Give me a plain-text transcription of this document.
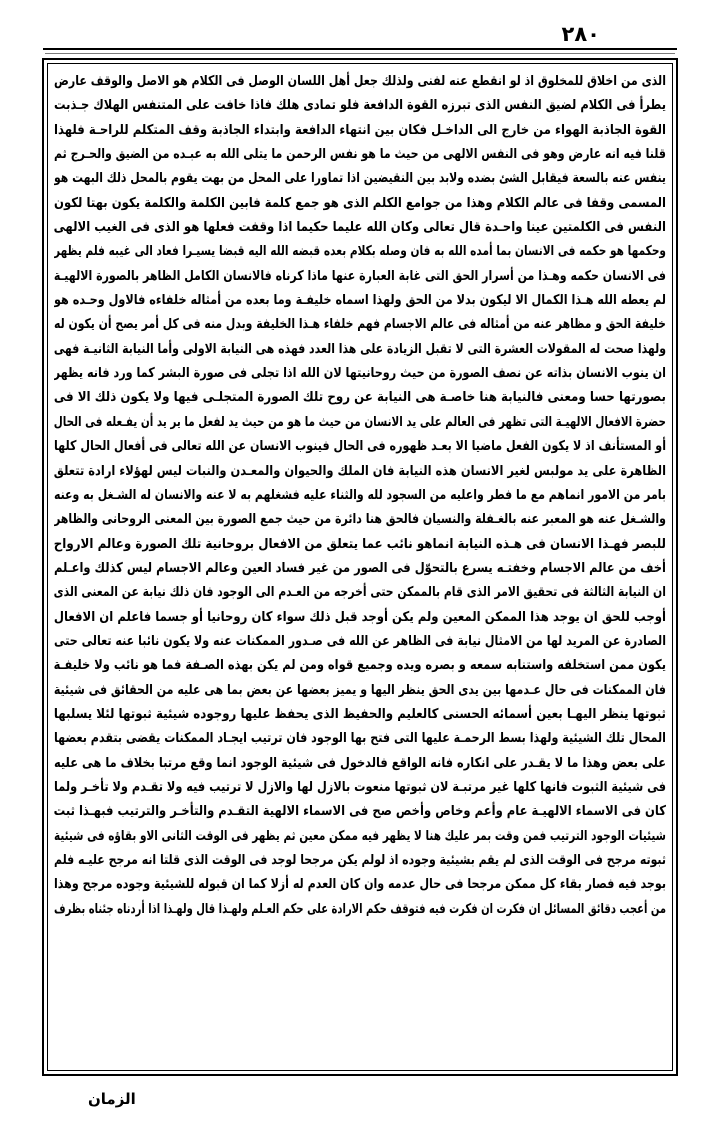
٢٨٠
الذى من اخلاق للمخلوق اذ لو انقطع عنه لفنى ولذلك جعل أهل اللسان الوصل فى الكلام هو الاصل والوقف عارض
يطرأ فى الكلام لضيق النفس الذى تبرزه القوة الدافعة فلو تمادى هلك فاذا خافت على المتنفس الهلاك جـذبت
القوة الجاذبة الهواء من خارج الى الداخـل فكان بين انتهاء الدافعة وابتداء الجاذبة وقف المتكلم للراحـة فلهذا
قلنا فيه انه عارض وهو فى النفس الالهى من حيث ما هو نفس الرحمن ما يتلى الله به عبـده من الضيق والحـرج ثم
ينفس عنه بالسعة فيقابل الشئ بضده ولابد بين النقيضين اذا تماورا على المحل من بهت يقوم بالمحل ذلك البهت هو
المسمى وقفا فى عالم الكلام وهذا من جوامع الكلم الذى هو جمع كلمة فابين الكلمة والكلمة يكون بهتا لكون
النفس فى الكلمتين عينا واحـدة قال تعالى وكان الله عليما حكيما اذا وقفت فعلها هو الذى فى الغيب الالهى
وحكمها هو حكمه فى الانسان بما أمده الله به فان وصله بكلام بعده قبضه الله اليه قبضا يسيـرا فعاد الى غيبه فلم يظهر
فى الانسان حكمه وهـذا من أسرار الحق التى غابة العبارة عنها ماذا كرناه فالانسان الكامل الظاهر بالصورة الالهيـة
لم يعطه الله هـذا الكمال الا ليكون بدلا من الحق ولهذا اسماه خليفـة وما بعده من أمثاله خلفاءه فالاول وحـده هو
خليفة الحق و مظاهر عنه من أمثاله فى عالم الاجسام فهم خلفاء هـذا الخليفة وبدل منه فى كل أمر يصح أن يكون له
ولهذا صحت له المقولات العشرة التى لا تقبل الزيادة على هذا العدد فهذه هى النيابة الاولى وأما النيابة الثانيـة فهى
ان ينوب الانسان بذاته عن نصف الصورة من حيث روحانيتها لان الله اذا تجلى فى صورة البشر كما ورد فانه يظهر
بصورتها حسا ومعنى فالنيابة هنا خاصـة هى النيابة عن روح تلك الصورة المتجلـى فيها ولا يكون ذلك الا فى
حضرة الافعال الالهيـة التى تظهر فى العالم على يد الانسان من حيث ما هو من حيث يد لفعل ما ير يد أن يفـعله فى الحال
أو المستأنف اذ لا يكون الفعل ماضيا الا بعـد ظهوره فى الحال فينوب الانسان عن الله تعالى فى أفعال الحال كلها
الظاهرة على يد مولبس لغير الانسان هذه النيابة فان الملك والحيوان والمعـدن والنبات ليس لهؤلاء ارادة تتعلق
بامر من الامور انماهم مع ما فطر واعليه من السجود لله والثناء عليه فشغلهم به لا عنه والانسان له الشـغل به وعنه
والشـغل عنه هو المعبر عنه بالغـفلة والنسيان فالحق هنا دائرة من حيث جمع الصورة بين المعنى الروحانى والظاهر
للبصر فهـذا الانسان فى هـذه النيابة انماهو نائب عما يتعلق من الافعال بروحانية تلك الصورة وعالم الارواح
أخف من عالم الاجسام وخفتـه يسرع بالتحوّل فى الصور من غير فساد العين وعالم الاجسام ليس كذلك واعـلم
ان النيابة الثالثة فى تحقيق الامر الذى قام بالممكن حتى أخرجه من العـدم الى الوجود فان ذلك نيابة عن المعنى الذى
أوجب للحق ان يوجد هذا الممكن المعين ولم يكن أوجد قبل ذلك سواء كان روحانيا أو جسما فاعلم ان الافعال
الصادرة عن المريد لها من الامثال نيابة فى الظاهر عن الله فى صـدور الممكنات عنه ولا يكون نائبا عنه تعالى حتى
يكون ممن استخلفه واستنابه سمعه و بصره ويده وجميع قواه ومن لم يكن بهذه الصـفة فما هو نائب ولا خليفـة
فان الممكنات فى حال عـدمها بين يدى الحق ينظر اليها و يميز بعضها عن بعض بما هى عليه من الحقائق فى شيئية
ثبوتها ينظر اليهـا بعين أسمائه الحسنى كالعليم والحفيظ الذى يحفظ عليها روجوده شيئية ثبوتها لئلا يسلبها
المحال تلك الشيئية ولهذا بسط الرحمـة عليها التى فتح بها الوجود فان ترتيب ايجـاد الممكنات يقضى بتقدم بعضها
على بعض وهذا ما لا يقـدر على انكاره فانه الواقع فالدخول فى شيئية الوجود انما وقع مرتبا بخلاف ما هى عليه
فى شيئية الثبوت فانها كلها غير مرتبـة لان ثبوتها منعوت بالازل لها والازل لا ترتيب فيه ولا تقـدم ولا تأخـر ولما
كان فى الاسماء الالهيـة عام وأعم وخاص وأخص صح فى الاسماء الالهية التقـدم والتأخـر والترتيب فبهـذا ثبت
شيئيات الوجود الترتيب فمن وقت بمر عليك هنا لا يظهر فيه ممكن معين ثم يظهر فى الوقت الثانى الاو بقاؤه فى شيئية
ثبوته مرجح فى الوقت الذى لم يقم بشيئية وجوده اذ لولم يكن مرجحا لوجد فى الوقت الذى قلتا انه مرجح عليـه فلم
بوجد فيه فصار بقاء كل ممكن مرجحا فى حال عدمه وان كان العدم له أزلا كما ان قبوله للشيئية وجوده مرجح وهذا
من أعجب دقائق المسائل ان فكرت ان فكرت فيه فتوقف حكم الارادة على حكم العـلم ولهـذا قال ولهـذا اذا أردناه جئناه بظرف
الزمان
